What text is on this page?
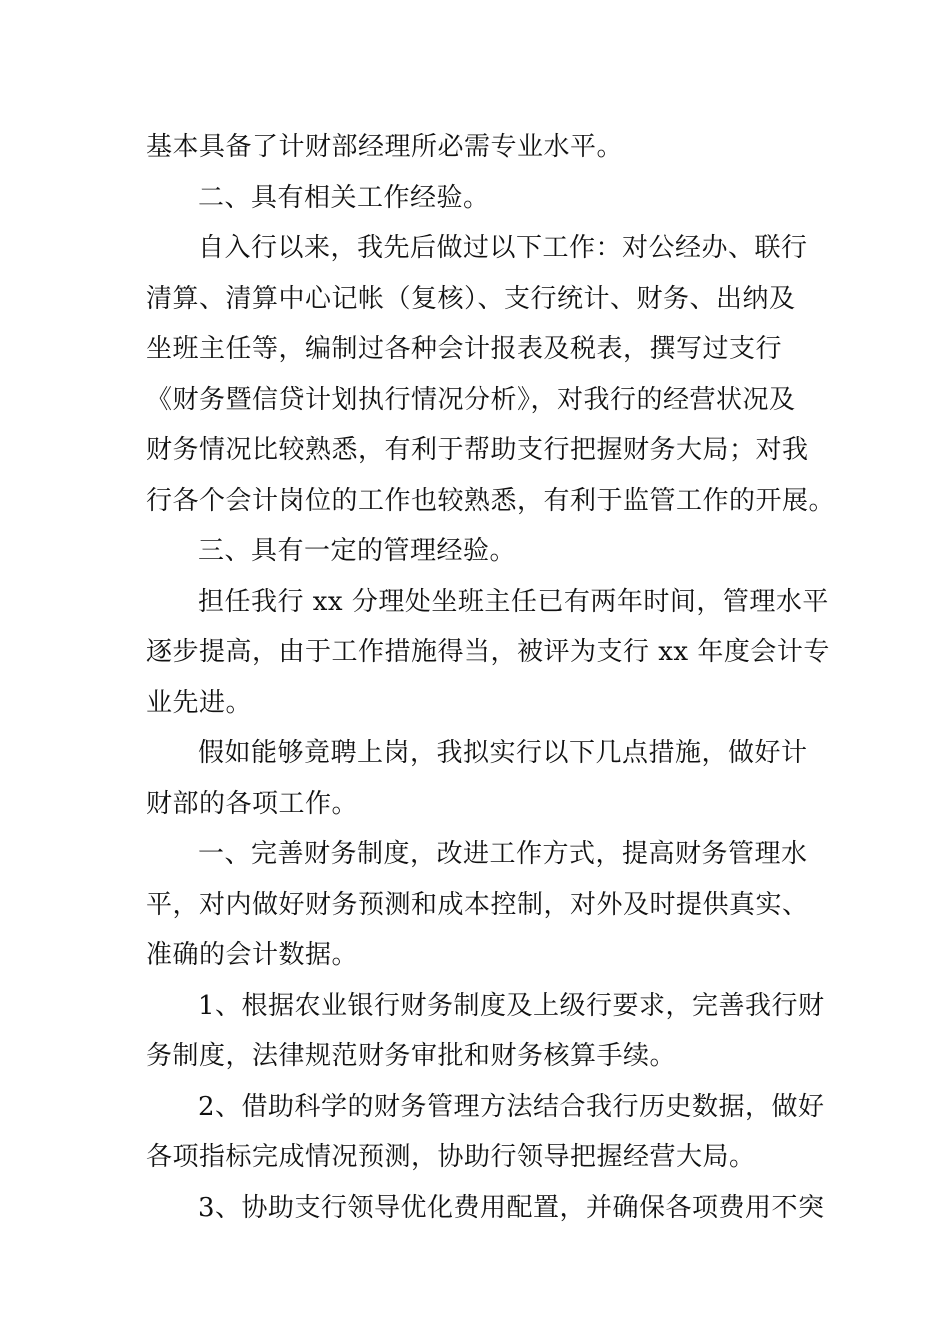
基本具备了计财部经理所必需专业水平。
二、具有相关工作经验。
自入行以来，我先后做过以下工作：对公经办、联行
清算、清算中心记帐（复核）、支行统计、财务、出纳及
坐班主任等，编制过各种会计报表及税表，撰写过支行
《财务暨信贷计划执行情况分析》，对我行的经营状况及
财务情况比较熟悉，有利于帮助支行把握财务大局；对我
行各个会计岗位的工作也较熟悉，有利于监管工作的开展。
三、具有一定的管理经验。
担任我行 xx 分理处坐班主任已有两年时间，管理水平
逐步提高，由于工作措施得当，被评为支行 xx 年度会计专
业先进。
假如能够竟聘上岗，我拟实行以下几点措施，做好计
财部的各项工作。
一、完善财务制度，改进工作方式，提高财务管理水
平，对内做好财务预测和成本控制，对外及时提供真实、
准确的会计数据。
1、根据农业银行财务制度及上级行要求，完善我行财
务制度，法律规范财务审批和财务核算手续。
2、借助科学的财务管理方法结合我行历史数据，做好
各项指标完成情况预测，协助行领导把握经营大局。
3、协助支行领导优化费用配置，并确保各项费用不突
